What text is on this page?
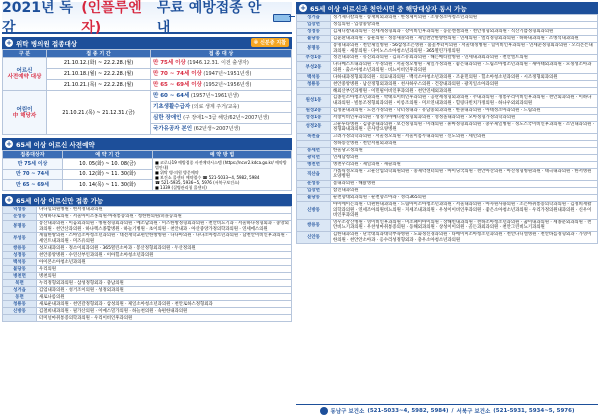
2021년 독감
(인플루엔자)
무료 예방접종 안내
+ 위탁 병의원 접종대상	※ 신분증 지참
구 분	접 종 기 간	접 종 대 상
어르신
사전예약 대상	21.10.12.(화) ~ 22.2.28.(월)	만 75세 이상 (1946.12.31. 이전 출생자)
	21.10.18.(월) ~ 22.2.28.(월)	만 70 ~ 74세 이상 (1947년~1951년생)
	21.10.21.(목) ~ 22.2.28.(월)	만 65 ~ 69세 이상 (1952년~1956년생)
어린이
中 해당자	21.10.21.(목) ~ 21.12.31.(금)	만 60 ~ 64세 (1957년~1961년생)
		기초생활수급자 (의료 생계 주거/교육)
		심한 장애인 (구 장애1~3급 해당/62년~2007년생)
		국가유공자 본인 (62년생~2007년생)
+ 65세 이상 어르신 사전예약
접종대상자	예 약 기 간	예 약 방 법
만 75세 이상	10. 05(화) ~ 10. 08(금)	■ 코로나19 예방접종 사전예약시스템 (https://ncvr2.kdca.go.kr/ 예약방법안내)
■ 위탁 병·의원 방문예약
■ 보건소 콜센터 예약접수 ☎ 521-5033~4, 5982, 5984
☎ 521-5935, 5936~5, 5976 (서북구보건소)
■ 1339 (질병관리청 콜센터)

만 70 ~ 74세	10. 12(화) ~ 11. 30(화)	
만 65 ~ 69세	10. 14(목) ~ 11. 30(화)	
+ 65세 이상 어르신만 접종 가능
덕성동	다나힐의원병원 · 현서정내과의원
문성동	연세하나로의원 · 서울아이조홍의원·마취통증의원 · 청한한의원/퍼플콩의원
봉명동	봉산내과의원 · 이음외과의원 · 병원정형외과의원 · 예소담의원 · 미즈한방정형외과의원 · 천안비뇨기과 · 서울하나정형외과 · 중앙외과의원 · 천안산과의원 · 하나렉스종합병원 · 하늘기병원 · 초이의원 · 천안내과 · 아산중앙가정의학과의원 · 연세에스의원
부성동	계림한방의원 · 스마일소아청소년과의원 · 대전재학교편안한방병원 · 다나아의원 · 다나소아청소년과의원 · 남천안이비인후과의원 · 세인트내과의원 · 미즈유의원
쌍용동	성모내과의원 · 정소이외과의원 · 365열린소아과 · 봉산정형외과의원 · 두산정의원
성정동	천안중앙병원 · 수연산부인과의원 · 이아힐소아청소년과의원
백석동	아이본소아청소년과의원
불당동	우리의원
병천면	병천의원
북면	누리정형외과의원 · 삼성정형외과 · 충남의원
성거읍	김엄내과의원 · 성거조이의원 · 성정외과의원
동면	새로나롬의원
청룡동	새로운내과의원 · 천연갈정형외과 · 삼성의원 · 제일소아청소년과의원 · 천안로하스정형외과
신방동	김철희내과의원 · 필가산의원 · 이예스밀가의원 · 하늘천의원 · 속편한내과의원
	터미널마취통증의학과의원 · 우리이비인후과의원
+ 65세 이상 어르신과 천안시민 중 해당대상자 동시 가능
성거읍	성거제디칼의원 · 송재희외과의원 · 한성제이의원 · 조양정소아청소년과의원
입장면	성심의원 · 입장중앙의원
성정동	김제디칼내과의원 · 신세계정형외과 · 강이비인후과의원 · 동문엔젤의원 · 천안정형외과의원 · 직산기쁨정형외과의원
불당동	김윤환내과의원 · 동운의원 · 성봉새솔의원 · 제일천안한방한의원 · 연세의원 · 엘리정형외과의원 · 하하내과의원 · 조병석내과의원
봉명동	봉명내과의원 · 천안제일병원 · 56삼성조은병원 · 불꽃부터이의원 · 서울대정병원 · 힐이비인후과의원 · 연세준정형외과의원 · 오리온튼내과의원 · 새봉의원 · 다이노스소아청소년과의원 · 365열린가정의원
부성1동	성진내과의원 · 유진외과의원 · 김피스유외과의원 · 해든메티칼병원 · 연세내과외과의원 · 천안엘트의원
부성2동	다나베스트내과의원 · 두정의원 · 서울성모병원 · 제일가정의원 · 좋은내과의원 · 드림소아청소년과의원 · 새아태외과의원 · 모정성소아과의원 · 출소아청소년과의원 · 비뇨이비인후과의원
백석동	다하내과정형외과의원 · 의료내과의원 · 백석소아청소년과의원 · 조윤민의원 · 힐소아청소년과의원 · 시조정형외과의원
청룡동	천안중앙병원 · 남산정형외과의원 · 천사하우스의원 · 건강내과의원 · 광지일소아과의원
	해외산부인과병원 · 이민필이비인후과의원 · 천안연세외과의원
원성1동	김종민소아청소년과의원 · 박태호이비인후과의원 · 공란세정형외과의원 · 주내과의원 · 정통우리이비인후과의원 · 천안외과의원 · 이하나내과의원 · 빌통조정형외과의원 · 이롱조의원 · 미르연내과의원 · 힐링다빈치가정의원 · 하나우외외과의원
원성2동	김정훈내과의원 · 도전가정의원 · 닥터정내과 · 유남중외과의원 · 한솔내과의원 · 아태성소아과의원 · 드림의원
성정1동	서창이비인후과의원 · 성정가아메디칼정형외과의원 · 성정올내과의원 · 모아정형가정의학과의원
성정2동	고운루타병원 · 김충준내과의원 · 보건정형의원 · 미래의원 · 휴마정형외과의원 · 충우제일병원 · 정도스국이비인후과의원 · 소연내과의원 · 정형화내과의원 · 큰사랑요양병원
목천읍	고려가정의학과의원 · 서울성모의원 · 서울이봄두내과의원 · 신도의원 · 세민의원
	성하송산병원 · 천안서필외과의원
풍세면	한울당고정의원
광덕면	연세남청의원
병천면	병천우리의원 · 제일의원 · 새슬의원
직산읍	가톨릭성모의원 · 고운산업의학회원의원 · 중제약센터의원 · 마이닝국의원 · 천안아산의원 · 아산정형병원의원 · 태극내과의원 · 한서병원요양병원
운성동	봄내과의원 · 해맑병원
입장면	참진내과의원
불당동	순천향대외과의원 · 순천향소아과 · 성리365의원
신방동	아이에이든의원 · 더편한내과의원 · 드림아이소아청소년과의원 · 서울내과의원 · 아사원사용의원 · 조은마취통증의학과의원 · 김정희재활의학과의원 · 연세조아의원비뇨의원 · 지세조내과의원 · 우성이이비인후과의원 · 좋은소아청소년과의원 · 우리가정의원내과의원 · 신우이비인후과의원
쌍용동	영우소강산병원 · 영이비인후과의원 · 미소패이아이의원 · 상해빈내과의원 · 천하소아청소년과의원 · 꿈이내과의원 · 세종분외과의원 · 천안비뇨기과의원 · 우찬성마취통증의원 · 동해외과의원 · 상성이이의원 · 골든과외과의원 · 천안그린비뇨기과의원
신안동	김한내과의원 · 단국대의과대학부속병원 · 도화정신경과의원 · 타에이미소아청소년과의원 · 천안다니엘병원 · 천안바를정형외과 · 가영이한의원 · 천안안소아과 · 옹수리성정형외과 · 충우소아청소년과의원
동남구 보건소 (521-5033~4, 5982, 5984) / 서북구 보건소 (521-5931, 5934~5, 5976)
